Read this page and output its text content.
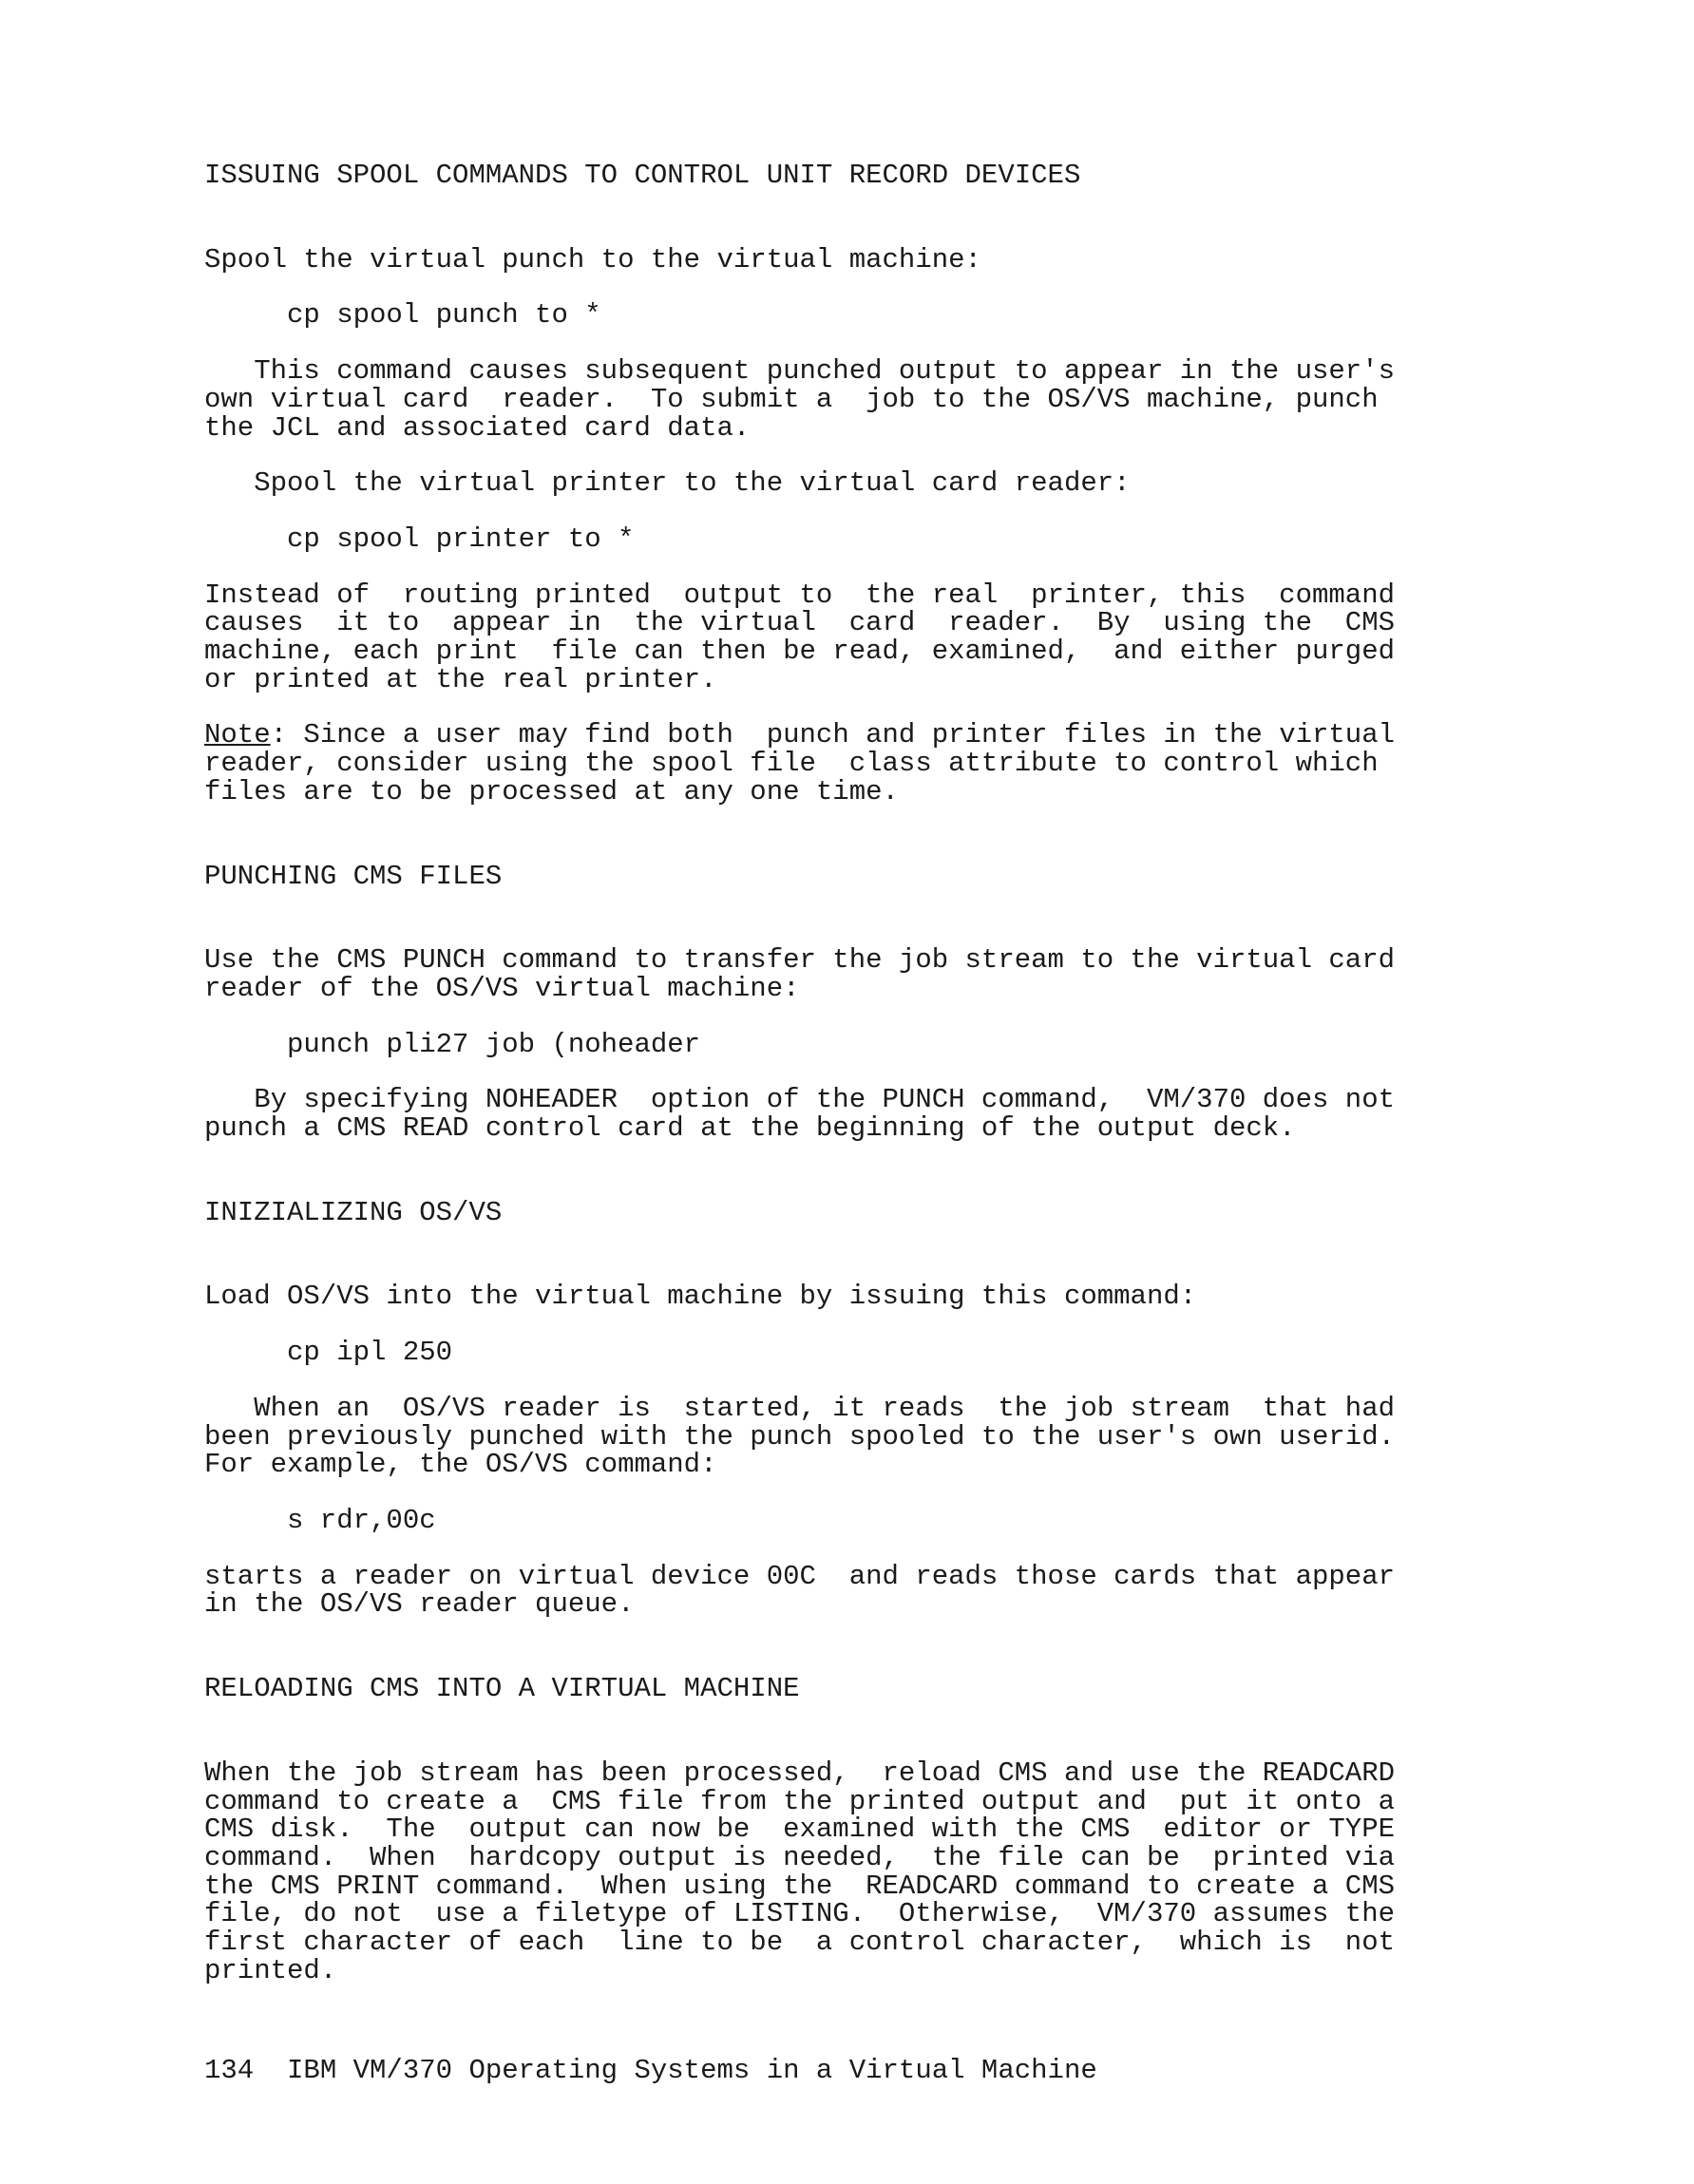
ISSUING SPOOL COMMANDS TO CONTROL UNIT RECORD DEVICES

Spool the virtual punch to the virtual machine:

cp spool punch to *

This command causes subsequent punched output to appear in the user's

own virtual card  reader.  To submit a  job to the OS/VS machine, punch

the JCL and associated card data.

Spool the virtual printer to the virtual card reader:

cp spool printer to *

Instead of  routing printed  output to  the real  printer, this  command

causes  it to  appear in  the virtual  card  reader.  By  using the  CMS

machine, each print  file can then be read, examined,  and either purged

or printed at the real printer.

Note: Since a user may find both  punch and printer files in the virtual

reader, consider using the spool file  class attribute to control which

files are to be processed at any one time.

PUNCHING CMS FILES

Use the CMS PUNCH command to transfer the job stream to the virtual card

reader of the OS/VS virtual machine:

punch pli27 job (noheader

By specifying NOHEADER  option of the PUNCH command,  VM/370 does not

punch a CMS READ control card at the beginning of the output deck.

INIZIALIZING OS/VS

Load OS/VS into the virtual machine by issuing this command:

cp ipl 250

When an  OS/VS reader is  started, it reads  the job stream  that had

been previously punched with the punch spooled to the user's own userid.

For example, the OS/VS command:

s rdr,00c

starts a reader on virtual device 00C  and reads those cards that appear

in the OS/VS reader queue.

RELOADING CMS INTO A VIRTUAL MACHINE

When the job stream has been processed,  reload CMS and use the READCARD

command to create a  CMS file from the printed output and  put it onto a

CMS disk.  The  output can now be  examined with the CMS  editor or TYPE

command.  When  hardcopy output is needed,  the file can be  printed via

the CMS PRINT command.  When using the  READCARD command to create a CMS

file, do not  use a filetype of LISTING.  Otherwise,  VM/370 assumes the

first character of each  line to be  a control character,  which is  not

printed.

134  IBM VM/370 Operating Systems in a Virtual Machine
